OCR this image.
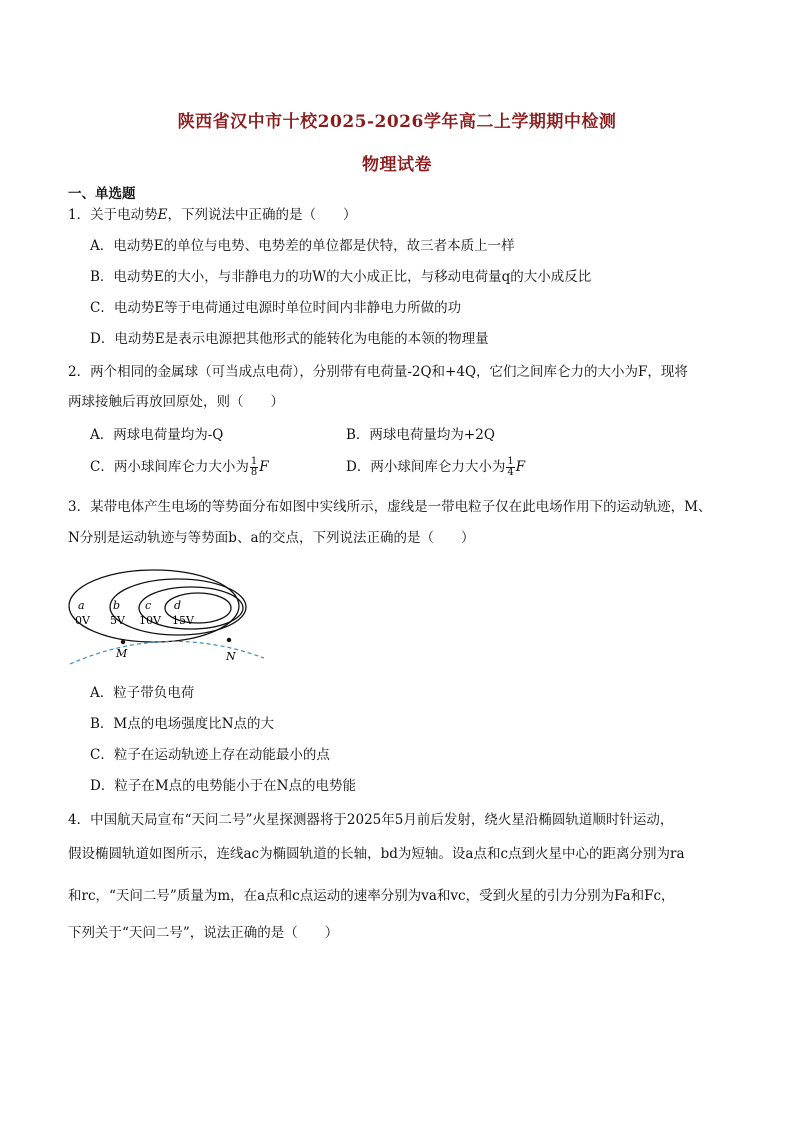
陕西省汉中市十校2025-2026学年高二上学期期中检测
物理试卷
一、单选题
1．关于电动势E，下列说法中正确的是（　　）
A．电动势E的单位与电势、电势差的单位都是伏特，故三者本质上一样
B．电动势E的大小，与非静电力的功W的大小成正比，与移动电荷量q的大小成反比
C．电动势E等于电荷通过电源时单位时间内非静电力所做的功
D．电动势E是表示电源把其他形式的能转化为电能的本领的物理量
2．两个相同的金属球（可当成点电荷），分别带有电荷量-2Q和+4Q，它们之间库仑力的大小为F，现将
两球接触后再放回原处，则（　　）
A．两球电荷量均为-Q	B．两球电荷量均为+2Q
C．两小球间库仑力大小为 $\frac{1}{8}$ F	D．两小球间库仑力大小为 $\frac{1}{4}$ F
3．某带电体产生电场的等势面分布如图中实线所示，虚线是一带电粒子仅在此电场作用下的运动轨迹，M、
N分别是运动轨迹与等势面b、a的交点，下列说法正确的是（　　）
a
0V
b
5V
c
10V
d
15V
M	N
A．粒子带负电荷
B．M点的电场强度比N点的大
C．粒子在运动轨迹上存在动能最小的点
D．粒子在M点的电势能小于在N点的电势能
4．中国航天局宣布“天问二号”火星探测器将于2025年5月前后发射，绕火星沿椭圆轨道顺时针运动，
假设椭圆轨道如图所示，连线ac为椭圆轨道的长轴，bd为短轴。设a点和c点到火星中心的距离分别为ra
和rc，“天问二号”质量为m，在a点和c点运动的速率分别为va和vc，受到火星的引力分别为Fa和Fc，
下列关于“天问二号”，说法正确的是（　　）
